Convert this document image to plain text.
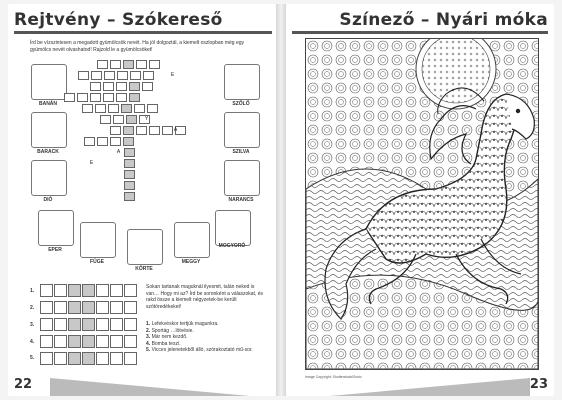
Rejtvény – Szókereső
Írd be vízszintesen a megadott gyümölcsök nevét. Ha jól dolgoztál, a kiemelt oszlopban még egy gyümölcs nevét olvashatod! Rajzold le a gyümölcsöket!
BANÁN	SZŐLŐ
BARACK	SZILVA
DIÓ	NARANCS
EPER
MOGYORÓ
FÜGE	MEGGY
KÖRTE
E
Y
A
A
E
1.
2.
3.
4.
5.
Sokan tartanak maguknál ilyesmit, talán neked is van… Hogy mi az? Írd be soronként a válaszokat, és rakd össze a kiemelt négyzetek-be került szótöredékeket!
1. Lefekvéskor tertjük magunkra.
2. Sportág …lötvésie.
3. Már nem kezdő.
4. Bomba teszi.
5. Vicces jelenetekből álló, szórakoztató mű-sor.
22
Színező – Nyári móka
Image Copyright: Shutterstock/Sonic	23
